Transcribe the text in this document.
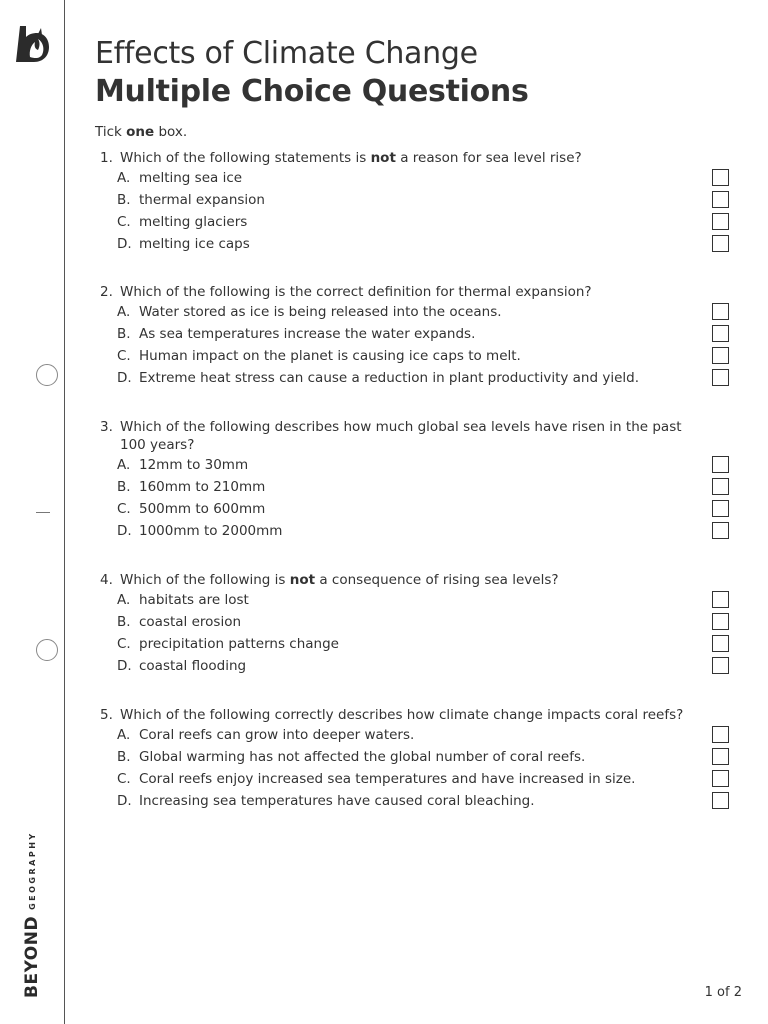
BEYONDGEOGRAPHY
Effects of Climate Change
Multiple Choice Questions
Tick one box.
1. Which of the following statements is not a reason for sea level rise?
A. melting sea ice
B. thermal expansion
C. melting glaciers
D. melting ice caps
2. Which of the following is the correct definition for thermal expansion?
A. Water stored as ice is being released into the oceans.
B. As sea temperatures increase the water expands.
C. Human impact on the planet is causing ice caps to melt.
D. Extreme heat stress can cause a reduction in plant productivity and yield.
3. Which of the following describes how much global sea levels have risen in the past 100 years?
A. 12mm to 30mm
B. 160mm to 210mm
C. 500mm to 600mm
D. 1000mm to 2000mm
4. Which of the following is not a consequence of rising sea levels?
A. habitats are lost
B. coastal erosion
C. precipitation patterns change
D. coastal flooding
5. Which of the following correctly describes how climate change impacts coral reefs?
A. Coral reefs can grow into deeper waters.
B. Global warming has not affected the global number of coral reefs.
C. Coral reefs enjoy increased sea temperatures and have increased in size.
D. Increasing sea temperatures have caused coral bleaching.
1 of 2
